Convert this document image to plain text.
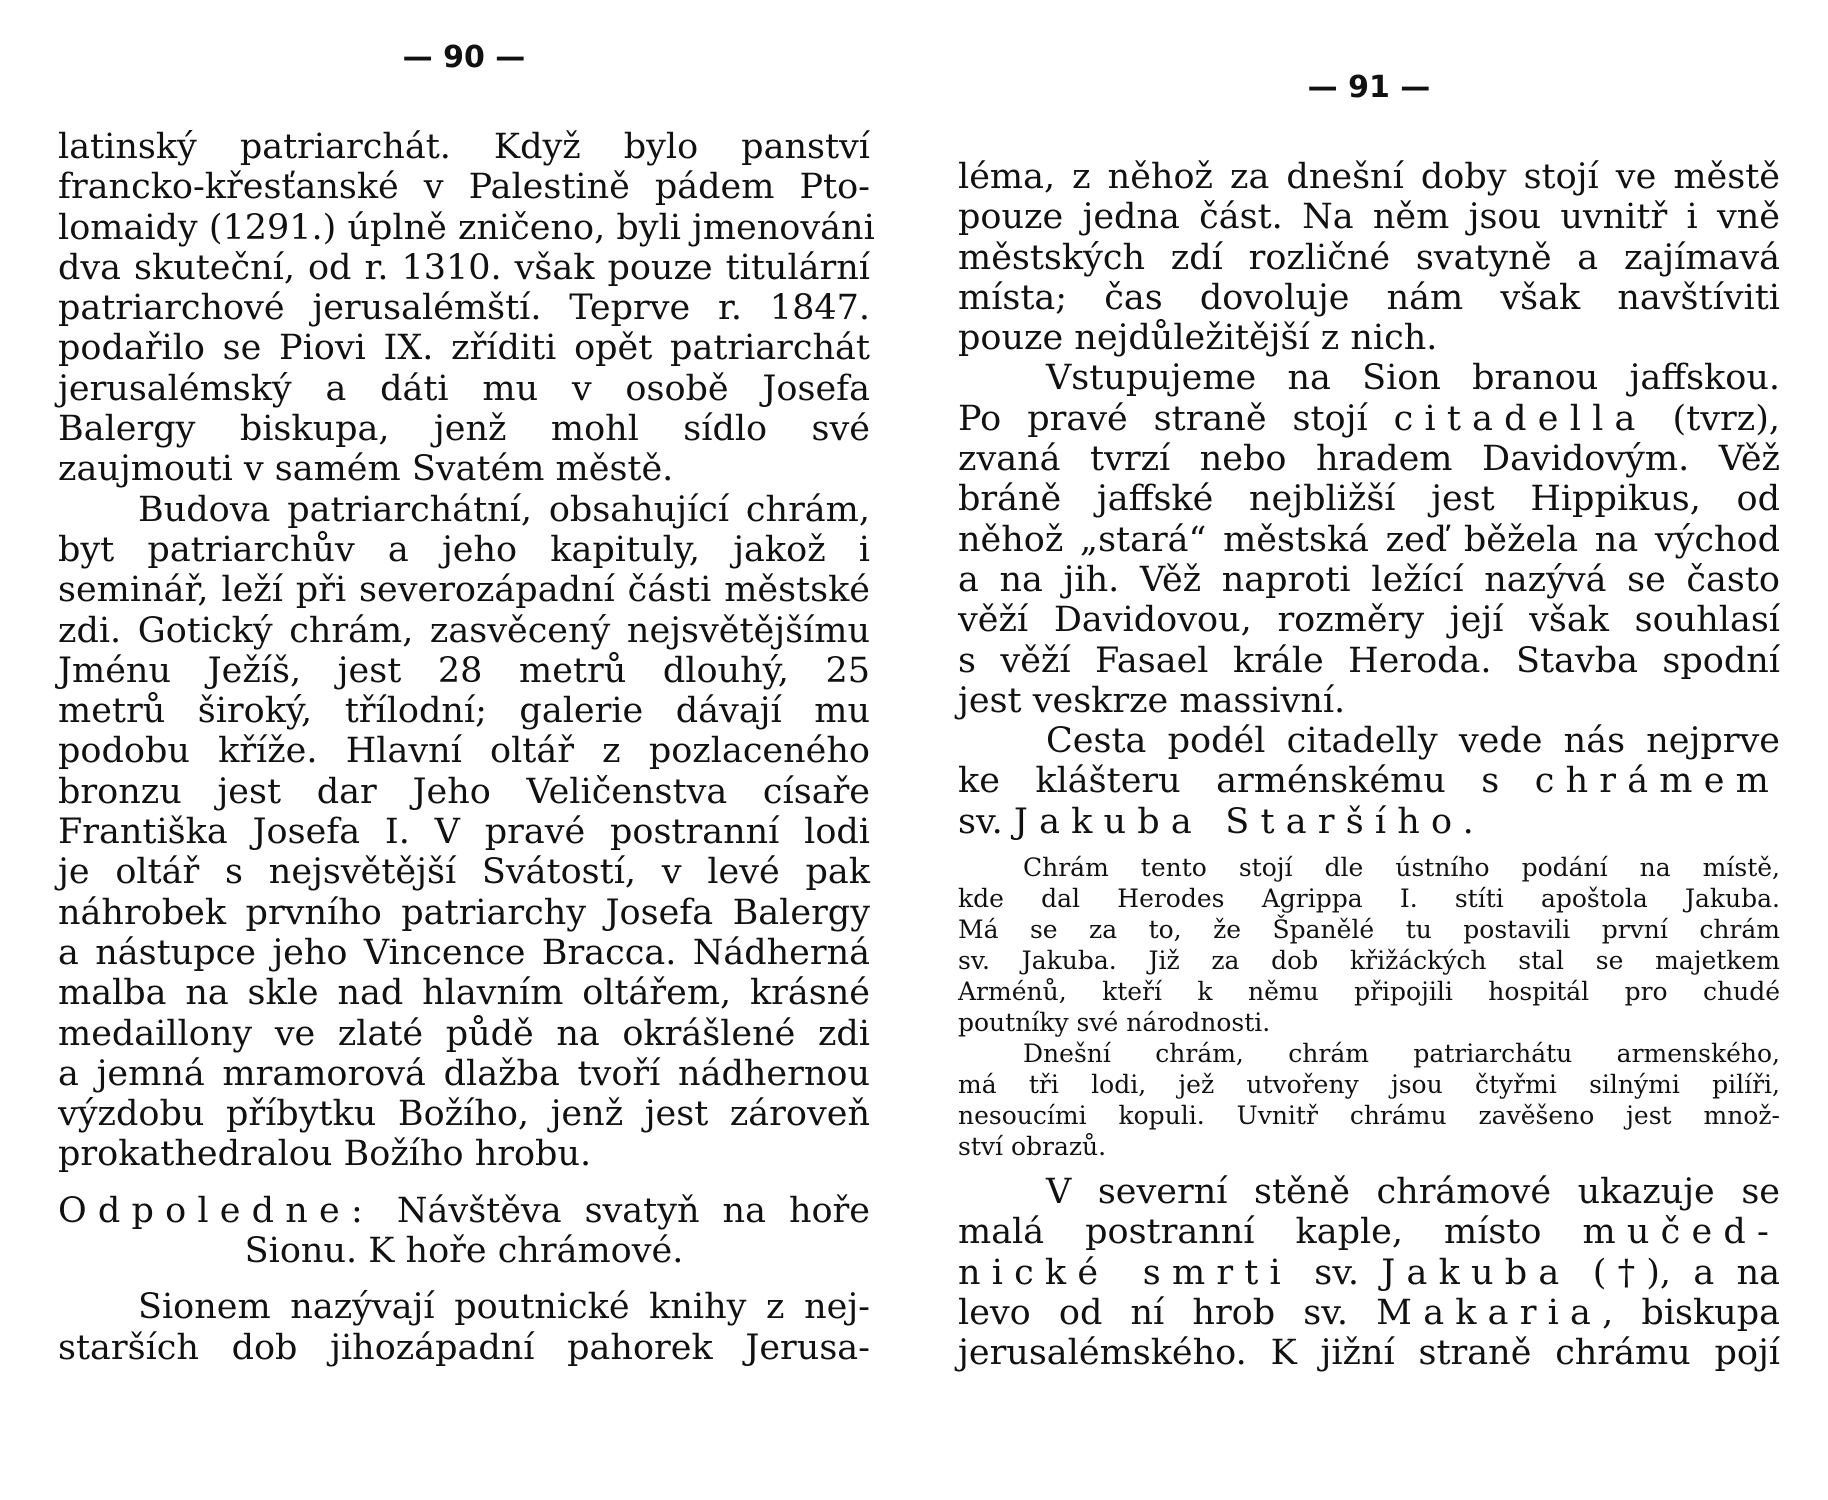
— 90 —
latinský patriarchát. Když bylo panství
francko-křesťanské v Palestině pádem Pto-
lomaidy (1291.) úplně zničeno, byli jmenováni
dva skuteční, od r. 1310. však pouze titulární
patriarchové jerusalémští. Teprve r. 1847.
podařilo se Piovi IX. zříditi opět patriarchát
jerusalémský a dáti mu v osobě Josefa
Balergy biskupa, jenž mohl sídlo své
zaujmouti v samém Svatém městě.
Budova patriarchátní, obsahující chrám,
byt patriarchův a jeho kapituly, jakož i
seminář, leží při severozápadní části městské
zdi. Gotický chrám, zasvěcený nejsvětějšímu
Jménu Ježíš, jest 28 metrů dlouhý, 25
metrů široký, třílodní; galerie dávají mu
podobu kříže. Hlavní oltář z pozlaceného
bronzu jest dar Jeho Veličenstva císaře
Františka Josefa I. V pravé postranní lodi
je oltář s nejsvětější Svátostí, v levé pak
náhrobek prvního patriarchy Josefa Balergy
a nástupce jeho Vincence Bracca. Nádherná
malba na skle nad hlavním oltářem, krásné
medaillony ve zlaté půdě na okrášlené zdi
a jemná mramorová dlažba tvoří nádhernou
výzdobu příbytku Božího, jenž jest zároveň
prokathedralou Božího hrobu.
Odpoledne: Návštěva svatyň na hoře
Sionu. K hoře chrámové.
Sionem nazývají poutnické knihy z nej-
starších dob jihozápadní pahorek Jerusa-
— 91 —
léma, z něhož za dnešní doby stojí ve městě
pouze jedna část. Na něm jsou uvnitř i vně
městských zdí rozličné svatyně a zajímavá
místa; čas dovoluje nám však navštíviti
pouze nejdůležitější z nich.
Vstupujeme na Sion branou jaffskou.
Po pravé straně stojí citadella (tvrz),
zvaná tvrzí nebo hradem Davidovým. Věž
bráně jaffské nejbližší jest Hippikus, od
něhož „stará“ městská zeď běžela na východ
a na jih. Věž naproti ležící nazývá se často
věží Davidovou, rozměry její však souhlasí
s věží Fasael krále Heroda. Stavba spodní
jest veskrze massivní.
Cesta podél citadelly vede nás nejprve
ke klášteru arménskému s chrámem
sv. Jakuba Staršího.
Chrám tento stojí dle ústního podání na místě,
kde dal Herodes Agrippa I. stíti apoštola Jakuba.
Má se za to, že Španělé tu postavili první chrám
sv. Jakuba. Již za dob křižáckých stal se majetkem
Arménů, kteří k němu připojili hospitál pro chudé
poutníky své národnosti.
Dnešní chrám, chrám patriarchátu armenského,
má tři lodi, jež utvořeny jsou čtyřmi silnými pilíři,
nesoucími kopuli. Uvnitř chrámu zavěšeno jest množ-
ství obrazů.
V severní stěně chrámové ukazuje se
malá postranní kaple, místo mučed-
nické smrti sv. Jakuba (†), a na
levo od ní hrob sv. Makaria, biskupa
jerusalémského. K jižní straně chrámu pojí
